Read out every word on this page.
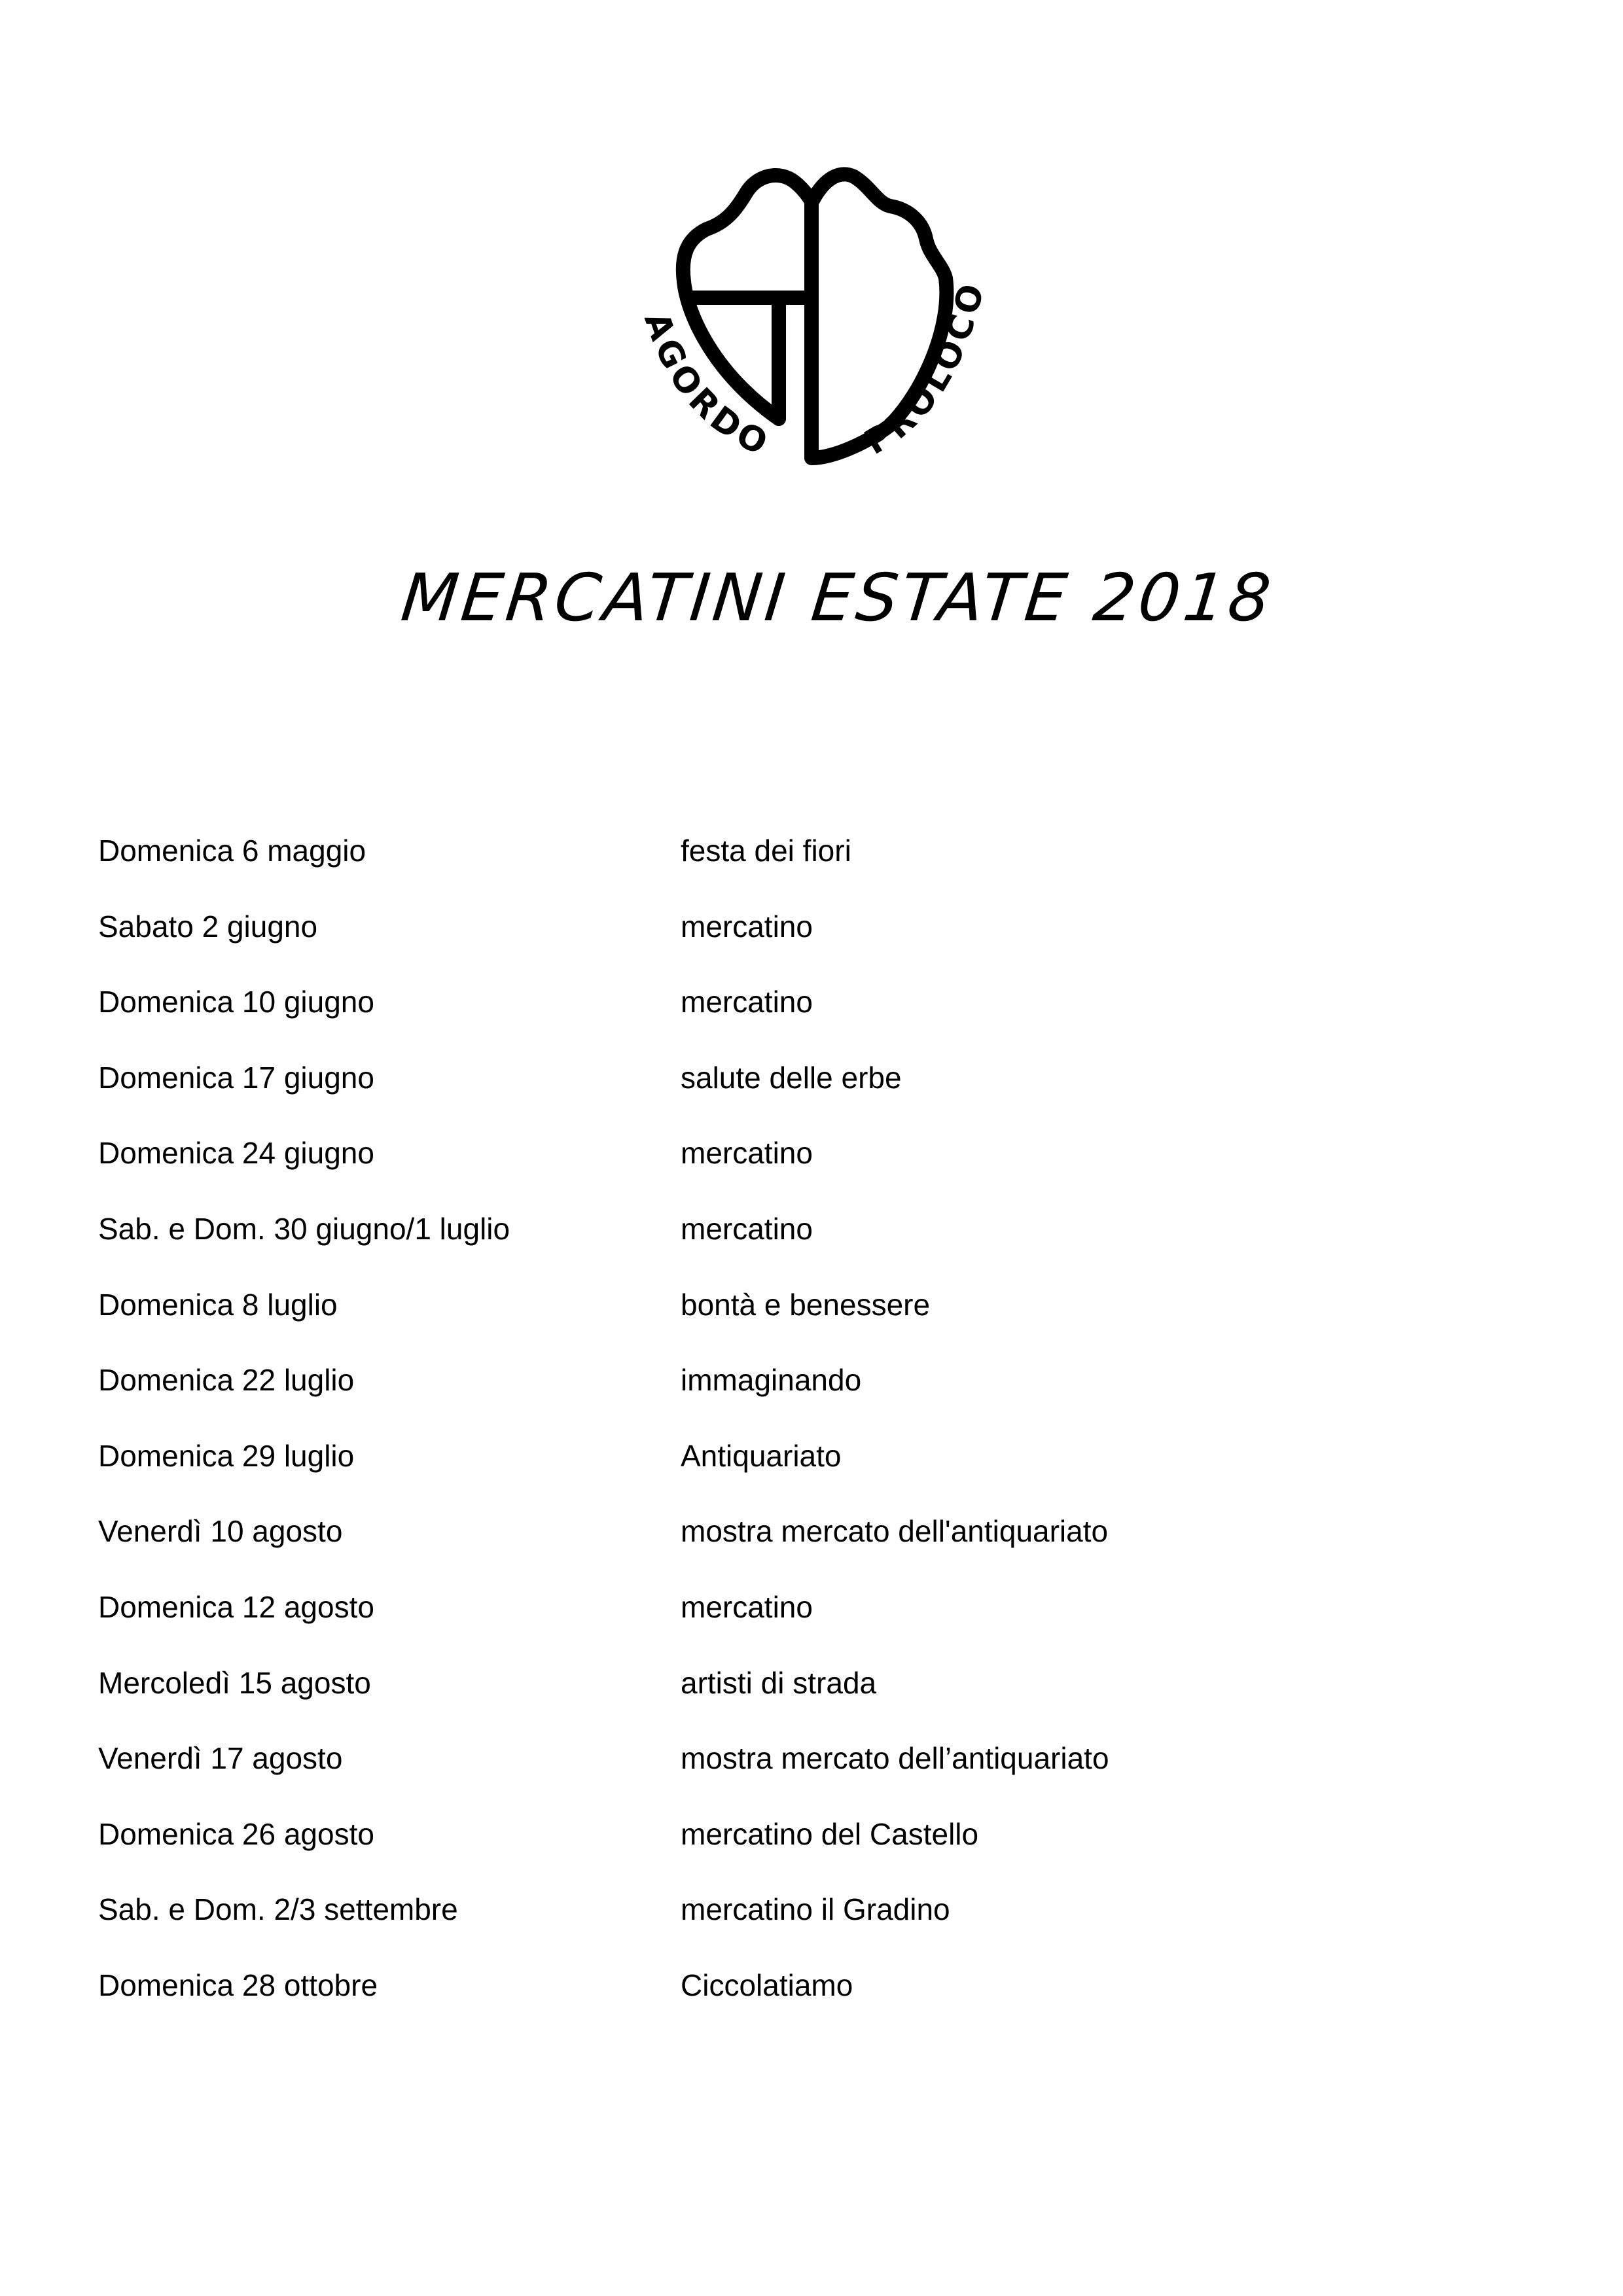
AGORDO PROLOCO
MERCATINI ESTATE 2018
Domenica 6 maggio	festa dei fiori
Sabato 2 giugno	mercatino
Domenica 10 giugno	mercatino
Domenica 17 giugno	salute delle erbe
Domenica 24 giugno	mercatino
Sab. e Dom. 30 giugno/1 luglio	mercatino
Domenica 8 luglio	bontà e benessere
Domenica 22 luglio	immaginando
Domenica 29 luglio	Antiquariato
Venerdì 10 agosto	mostra mercato dell'antiquariato
Domenica 12 agosto	mercatino
Mercoledì 15 agosto	artisti di strada
Venerdì 17 agosto	mostra mercato dell’antiquariato
Domenica 26 agosto	mercatino del Castello
Sab. e Dom. 2/3 settembre	mercatino il Gradino
Domenica 28 ottobre	Ciccolatiamo
